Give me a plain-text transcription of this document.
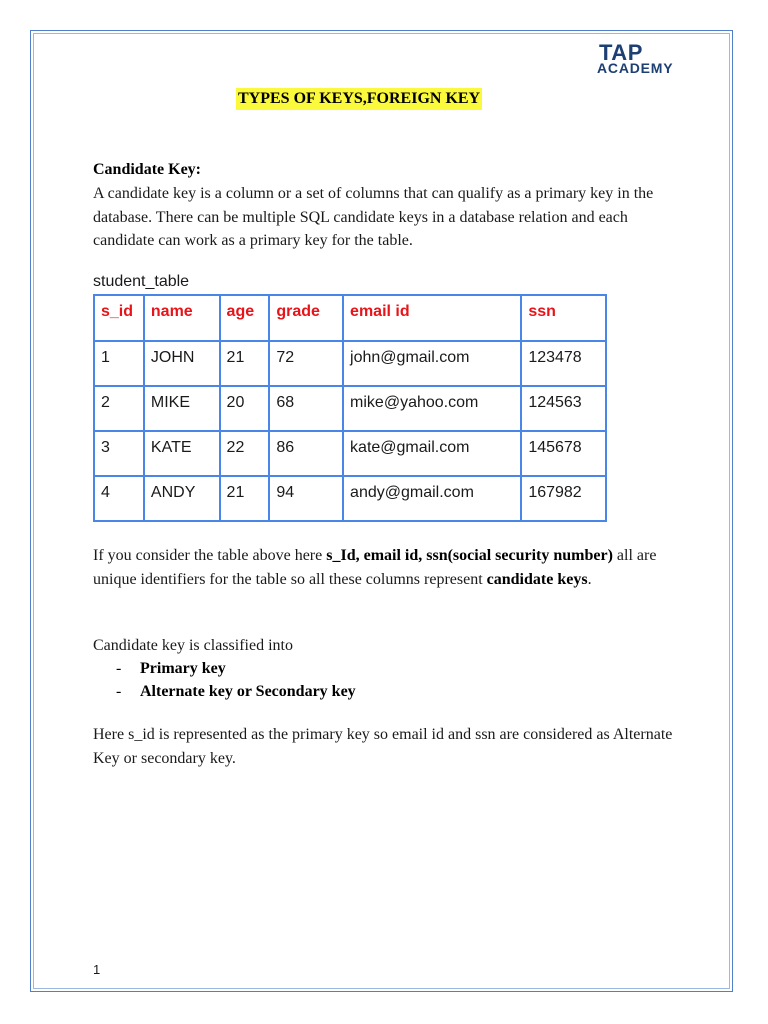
TAP
ACADEMY
TYPES OF KEYS,FOREIGN KEY
Candidate Key:
A candidate key is a column or a set of columns that can qualify as a primary key in the database. There can be multiple SQL candidate keys in a database relation and each candidate can work as a primary key for the table.
student_table
s_id	name	age	grade	email id	ssn
1	JOHN	21	72	john@gmail.com	123478
2	MIKE	20	68	mike@yahoo.com	124563
3	KATE	22	86	kate@gmail.com	145678
4	ANDY	21	94	andy@gmail.com	167982
If you consider the table above here s_Id, email id, ssn(social security number) all are unique identifiers for the table so all these columns represent candidate keys.
Candidate key is classified into
- Primary key
- Alternate key or Secondary key
Here s_id is represented as the primary key so email id and ssn are considered as Alternate Key or secondary key.
1
